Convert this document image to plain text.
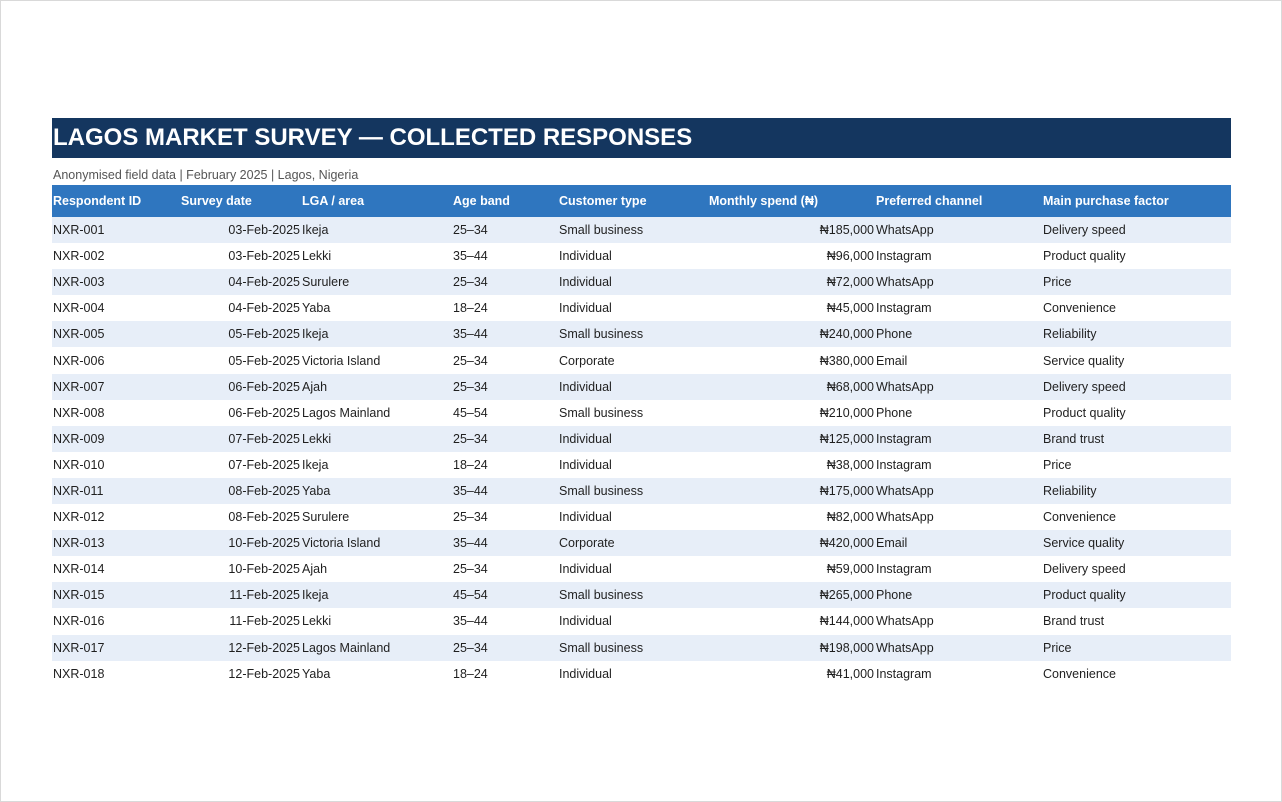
LAGOS MARKET SURVEY — COLLECTED RESPONSES
Anonymised field data | February 2025 | Lagos, Nigeria
Respondent ID	Survey date	LGA / area	Age band	Customer type	Monthly spend (₦)	Preferred channel	Main purchase factor
NXR-001	03-Feb-2025	Ikeja	25–34	Small business	₦185,000	WhatsApp	Delivery speed
NXR-002	03-Feb-2025	Lekki	35–44	Individual	₦96,000	Instagram	Product quality
NXR-003	04-Feb-2025	Surulere	25–34	Individual	₦72,000	WhatsApp	Price
NXR-004	04-Feb-2025	Yaba	18–24	Individual	₦45,000	Instagram	Convenience
NXR-005	05-Feb-2025	Ikeja	35–44	Small business	₦240,000	Phone	Reliability
NXR-006	05-Feb-2025	Victoria Island	25–34	Corporate	₦380,000	Email	Service quality
NXR-007	06-Feb-2025	Ajah	25–34	Individual	₦68,000	WhatsApp	Delivery speed
NXR-008	06-Feb-2025	Lagos Mainland	45–54	Small business	₦210,000	Phone	Product quality
NXR-009	07-Feb-2025	Lekki	25–34	Individual	₦125,000	Instagram	Brand trust
NXR-010	07-Feb-2025	Ikeja	18–24	Individual	₦38,000	Instagram	Price
NXR-011	08-Feb-2025	Yaba	35–44	Small business	₦175,000	WhatsApp	Reliability
NXR-012	08-Feb-2025	Surulere	25–34	Individual	₦82,000	WhatsApp	Convenience
NXR-013	10-Feb-2025	Victoria Island	35–44	Corporate	₦420,000	Email	Service quality
NXR-014	10-Feb-2025	Ajah	25–34	Individual	₦59,000	Instagram	Delivery speed
NXR-015	11-Feb-2025	Ikeja	45–54	Small business	₦265,000	Phone	Product quality
NXR-016	11-Feb-2025	Lekki	35–44	Individual	₦144,000	WhatsApp	Brand trust
NXR-017	12-Feb-2025	Lagos Mainland	25–34	Small business	₦198,000	WhatsApp	Price
NXR-018	12-Feb-2025	Yaba	18–24	Individual	₦41,000	Instagram	Convenience
